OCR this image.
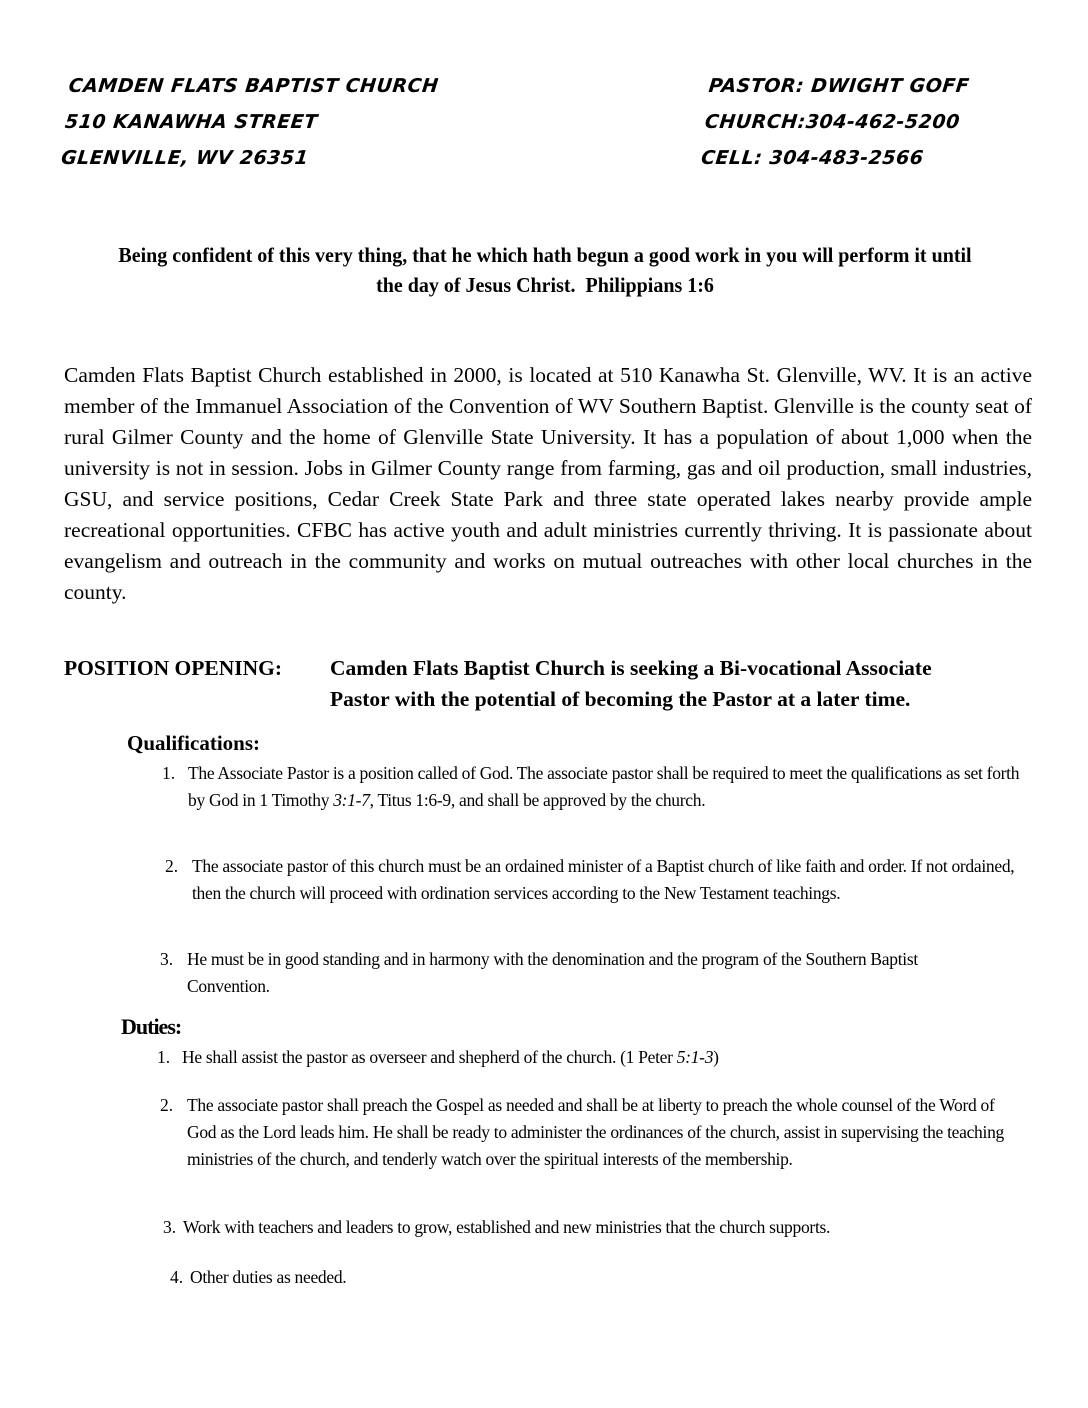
CAMDEN FLATS BAPTIST CHURCH
510 KANAWHA STREET
GLENVILLE, WV 26351
PASTOR: DWIGHT GOFF
CHURCH:304-462-5200
CELL: 304-483-2566
Being confident of this very thing, that he which hath begun a good work in you will perform it until the day of Jesus Christ. Philippians 1:6
Camden Flats Baptist Church established in 2000, is located at 510 Kanawha St. Glenville, WV. It is an active member of the Immanuel Association of the Convention of WV Southern Baptist. Glenville is the county seat of rural Gilmer County and the home of Glenville State University. It has a population of about 1,000 when the university is not in session. Jobs in Gilmer County range from farming, gas and oil production, small industries, GSU, and service positions, Cedar Creek State Park and three state operated lakes nearby provide ample recreational opportunities. CFBC has active youth and adult ministries currently thriving. It is passionate about evangelism and outreach in the community and works on mutual outreaches with other local churches in the county.
POSITION OPENING: Camden Flats Baptist Church is seeking a Bi-vocational Associate
Pastor with the potential of becoming the Pastor at a later time.
Qualifications:
1. The Associate Pastor is a position called of God. The associate pastor shall be required to meet the qualifications as set forth by God in 1 Timothy 3:1-7, Titus 1:6-9, and shall be approved by the church.
2. The associate pastor of this church must be an ordained minister of a Baptist church of like faith and order. If not ordained, then the church will proceed with ordination services according to the New Testament teachings.
3. He must be in good standing and in harmony with the denomination and the program of the Southern Baptist Convention.
Duties:
1. He shall assist the pastor as overseer and shepherd of the church. (1 Peter 5:1-3)
2. The associate pastor shall preach the Gospel as needed and shall be at liberty to preach the whole counsel of the Word of God as the Lord leads him. He shall be ready to administer the ordinances of the church, assist in supervising the teaching ministries of the church, and tenderly watch over the spiritual interests of the membership.
3. Work with teachers and leaders to grow, established and new ministries that the church supports.
4. Other duties as needed.
